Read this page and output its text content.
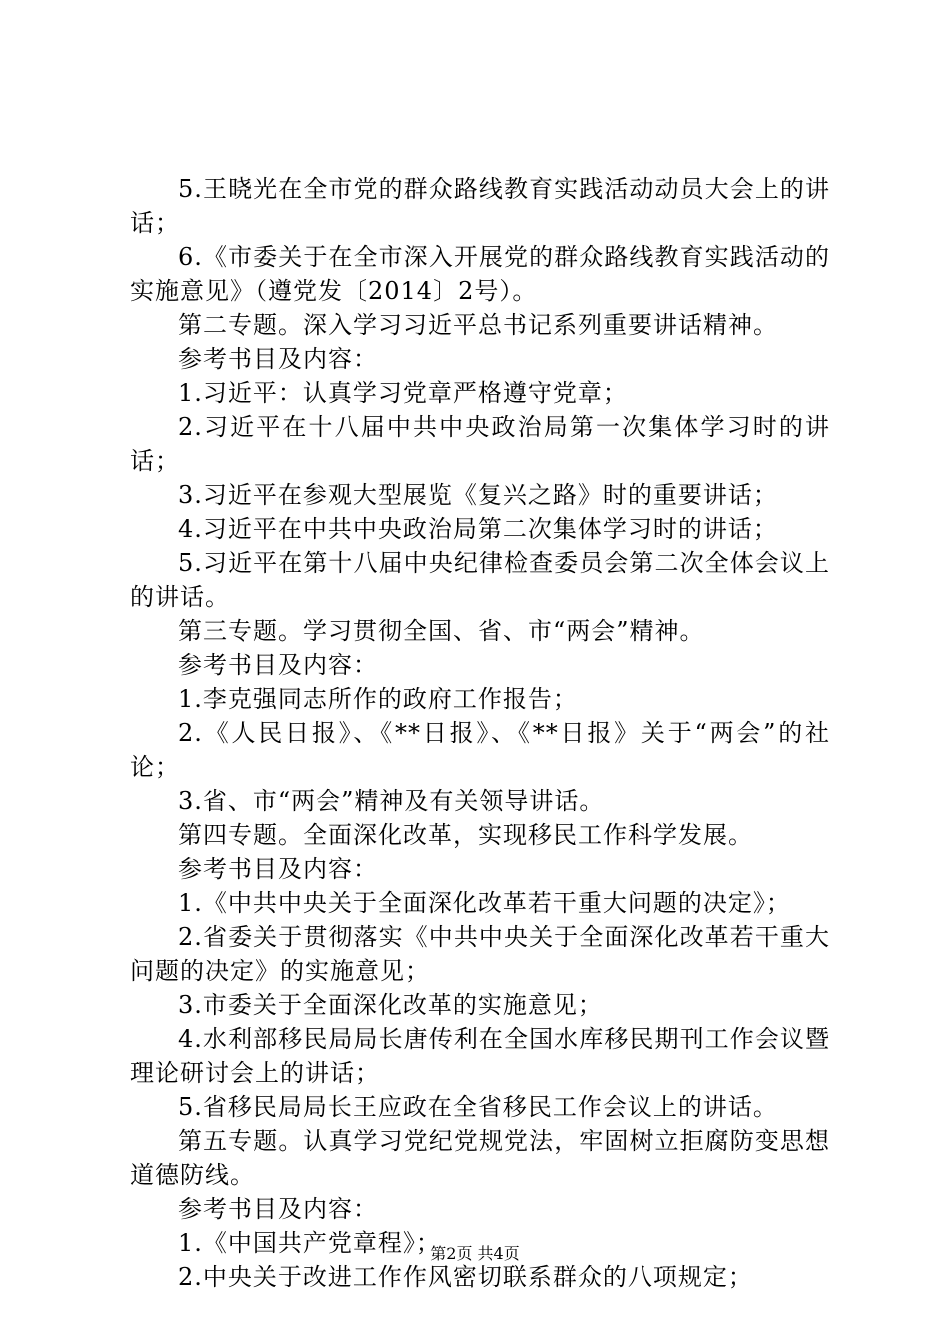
5.王晓光在全市党的群众路线教育实践活动动员大会上的讲话；

6.《市委关于在全市深入开展党的群众路线教育实践活动的实施意见》（遵党发〔2014〕2号）。

第二专题。深入学习习近平总书记系列重要讲话精神。

参考书目及内容：

1.习近平：认真学习党章严格遵守党章；

2.习近平在十八届中共中央政治局第一次集体学习时的讲话；

3.习近平在参观大型展览《复兴之路》时的重要讲话；

4.习近平在中共中央政治局第二次集体学习时的讲话；

5.习近平在第十八届中央纪律检查委员会第二次全体会议上的讲话。

第三专题。学习贯彻全国、省、市“两会”精神。

参考书目及内容：

1.李克强同志所作的政府工作报告；

2.《人民日报》、《**日报》、《**日报》关于“两会”的社论；

3.省、市“两会”精神及有关领导讲话。

第四专题。全面深化改革，实现移民工作科学发展。

参考书目及内容：

1.《中共中央关于全面深化改革若干重大问题的决定》；

2.省委关于贯彻落实《中共中央关于全面深化改革若干重大问题的决定》的实施意见；

3.市委关于全面深化改革的实施意见；

4.水利部移民局局长唐传利在全国水库移民期刊工作会议暨理论研讨会上的讲话；

5.省移民局局长王应政在全省移民工作会议上的讲话。

第五专题。认真学习党纪党规党法，牢固树立拒腐防变思想道德防线。

参考书目及内容：

1.《中国共产党章程》；

2.中央关于改进工作作风密切联系群众的八项规定；

第2页 共4页
